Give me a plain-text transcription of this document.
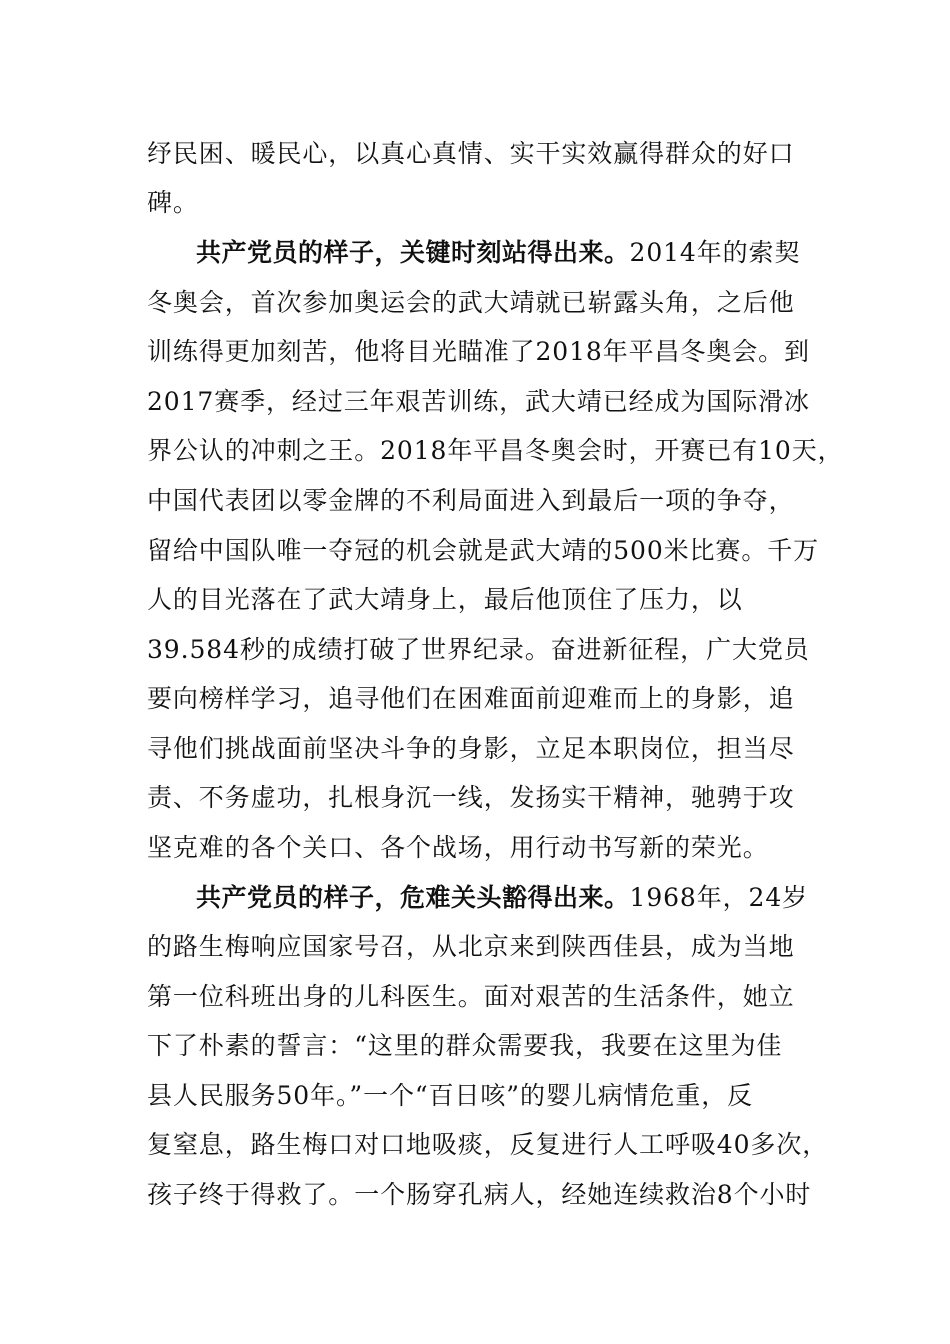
纾民困、暖民心，以真心真情、实干实效赢得群众的好口
碑。
共产党员的样子，关键时刻站得出来。2014年的索契
冬奥会，首次参加奥运会的武大靖就已崭露头角，之后他
训练得更加刻苦，他将目光瞄准了2018年平昌冬奥会。到
2017赛季，经过三年艰苦训练，武大靖已经成为国际滑冰
界公认的冲刺之王。2018年平昌冬奥会时，开赛已有10天，
中国代表团以零金牌的不利局面进入到最后一项的争夺，
留给中国队唯一夺冠的机会就是武大靖的500米比赛。千万
人的目光落在了武大靖身上，最后他顶住了压力，以
39.584秒的成绩打破了世界纪录。奋进新征程，广大党员
要向榜样学习，追寻他们在困难面前迎难而上的身影，追
寻他们挑战面前坚决斗争的身影，立足本职岗位，担当尽
责、不务虚功，扎根身沉一线，发扬实干精神，驰骋于攻
坚克难的各个关口、各个战场，用行动书写新的荣光。
共产党员的样子，危难关头豁得出来。1968年，24岁
的路生梅响应国家号召，从北京来到陕西佳县，成为当地
第一位科班出身的儿科医生。面对艰苦的生活条件，她立
下了朴素的誓言：“这里的群众需要我，我要在这里为佳
县人民服务50年。”一个“百日咳”的婴儿病情危重，反
复窒息，路生梅口对口地吸痰，反复进行人工呼吸40多次，
孩子终于得救了。一个肠穿孔病人，经她连续救治8个小时
